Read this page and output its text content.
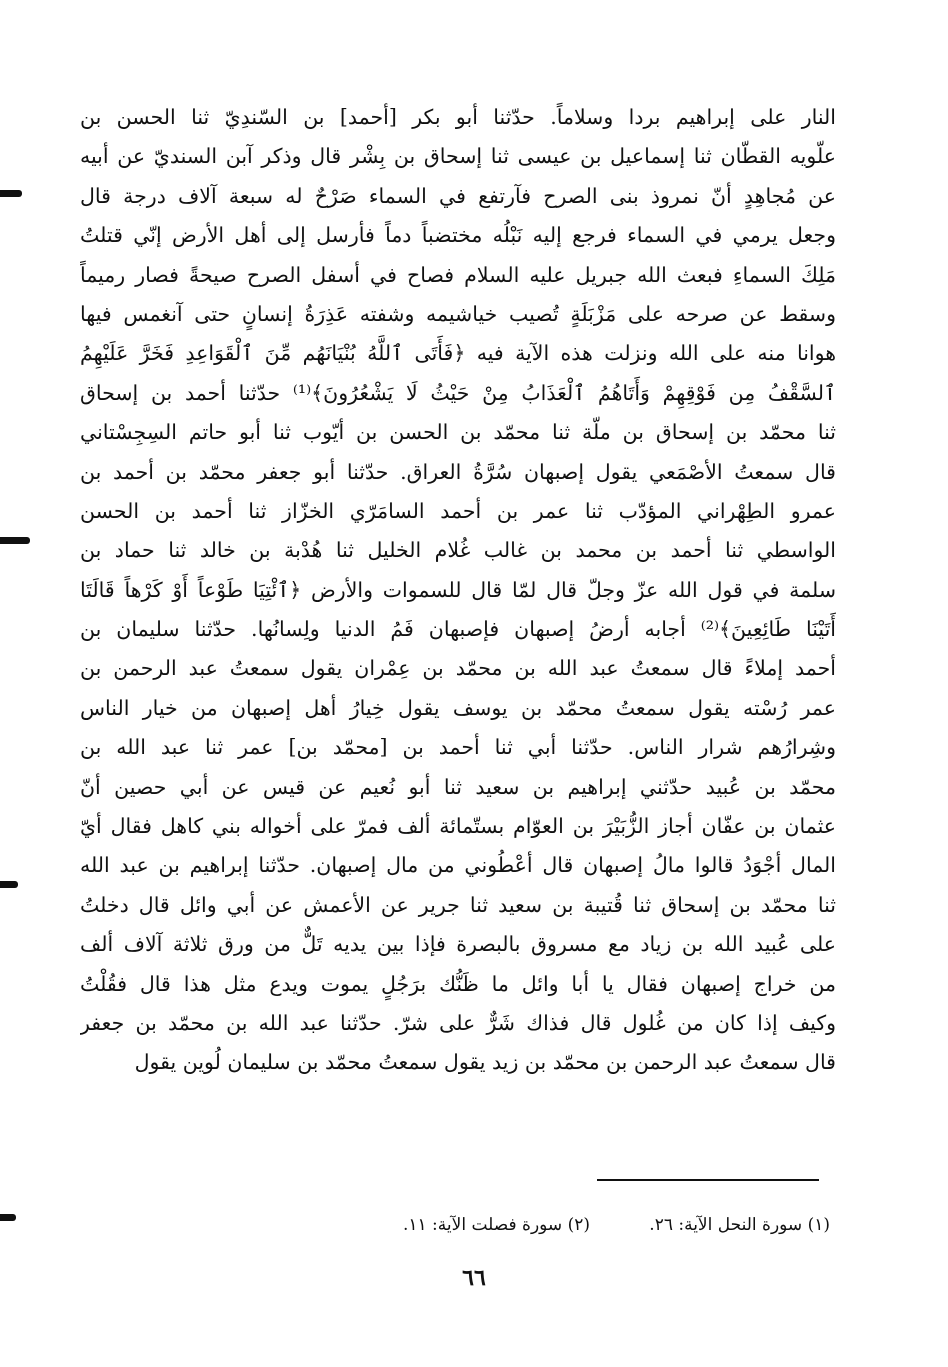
النار على إبراهيم بردا وسلاماً. حدّثنا أبو بكر [أحمد] بن السّندِيّ ثنا الحسن بن
علّويه القطّان ثنا إسماعيل بن عيسى ثنا إسحاق بن بِشْر قال وذكر آبن السنديّ عن أبيه
عن مُجاهِدٍ أنّ نمروذ بنى الصرح فآرتفع في السماء صَرْحٌ له سبعة آلاف درجة قال
وجعل يرمي في السماء فرجع إليه نَبْلُه مختضباً دماً فأرسل إلى أهل الأرض إنّي قتلتُ
مَلِكَ السماءِ فبعث الله جبريل عليه السلام فصاح في أسفل الصرح صيحةً فصار رميماً
وسقط عن صرحه على مَزْبَلَةٍ تُصيب خياشيمه وشفته عَذِرَةُ إنسانٍ حتى آنغمس فيها
هوانا منه على الله ونزلت هذه الآية فيه ﴿فَأَتَى ٱللَّهُ بُنْيَانَهُم مِّنَ ٱلْقَوَاعِدِ فَخَرَّ عَلَيْهِمُ
ٱلسَّقْفُ مِن فَوْقِهِمْ وَأَتَاهُمُ ٱلْعَذَابُ مِنْ حَيْثُ لَا يَشْعُرُونَ﴾⁽¹⁾ حدّثنا أحمد بن إسحاق
ثنا محمّد بن إسحاق بن ملّة ثنا محمّد بن الحسن بن أيّوب ثنا أبو حاتم السِجِسْتاني
قال سمعتُ الأصْمَعي يقول إصبهان سُرَّةُ العراق. حدّثنا أبو جعفر محمّد بن أحمد بن
عمرو الطِهْراني المؤدّب ثنا عمر بن أحمد السامَرّي الخزّاز ثنا أحمد بن الحسن
الواسطي ثنا أحمد بن محمد بن غالب غُلام الخليل ثنا هُدْبة بن خالد ثنا حماد بن
سلمة في قول الله عزّ وجلّ قال لمّا قال للسموات والأرض ﴿ٱئْتِيَا طَوْعاً أَوْ كَرْهاً قَالَتَا
أَتَيْنَا طَائِعِينَ﴾⁽²⁾ أجابه أرضُ إصبهان فإصبهان فَمُ الدنيا ولِسانُها. حدّثنا سليمان بن
أحمد إملاءً قال سمعتُ عبد الله بن محمّد بن عِمْران يقول سمعتُ عبد الرحمن بن
عمر رُسْته يقول سمعتُ محمّد بن يوسف يقول خِيارُ أهل إصبهان من خيار الناس
وشِرارُهم شرار الناس. حدّثنا أبي ثنا أحمد بن [محمّد بن] عمر ثنا عبد الله بن
محمّد بن عُبيد حدّثني إبراهيم بن سعيد ثنا أبو نُعيم عن قيس عن أبي حصين أنّ
عثمان بن عفّان أجاز الزُّبَيْرَ بن العوّام بستّمائة ألف فمرّ على أخواله بني كاهل فقال أيّ
المال أجْوَدُ قالوا مالُ إصبهان قال أعْطُوني من مال إصبهان. حدّثنا إبراهيم بن عبد الله
ثنا محمّد بن إسحاق ثنا قُتيبة بن سعيد ثنا جرير عن الأعمش عن أبي وائل قال دخلتُ
على عُبيد الله بن زياد مع مسروق بالبصرة فإذا بين يديه تَلٌّ من ورق ثلاثة آلاف ألف
من خراج إصبهان فقال يا أبا وائل ما ظَنُّك برَجُلٍ يموت ويدع مثل هذا قال فقُلْتُ
وكيف إذا كان من غُلول قال فذاك شَرٌّ على شرّ. حدّثنا عبد الله بن محمّد بن جعفر
قال سمعتُ عبد الرحمن بن محمّد بن زيد يقول سمعتُ محمّد بن سليمان لُوين يقول
(١) سورة النحل الآية: ٢٦.
(٢) سورة فصلت الآية: ١١.
٦٦
